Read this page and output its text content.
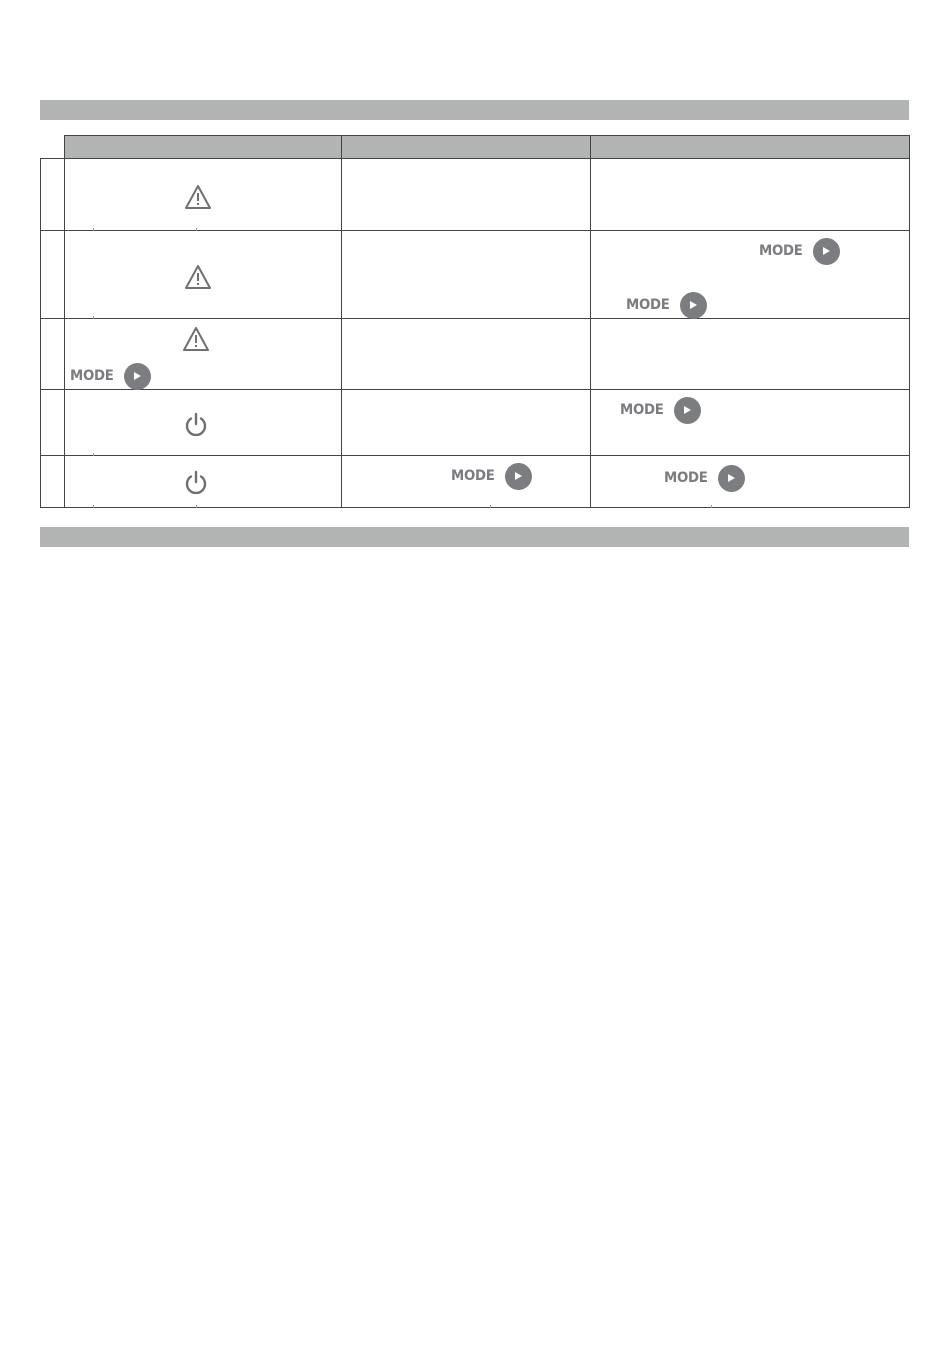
MODE
MODE
MODE
MODE
MODE	MODE
